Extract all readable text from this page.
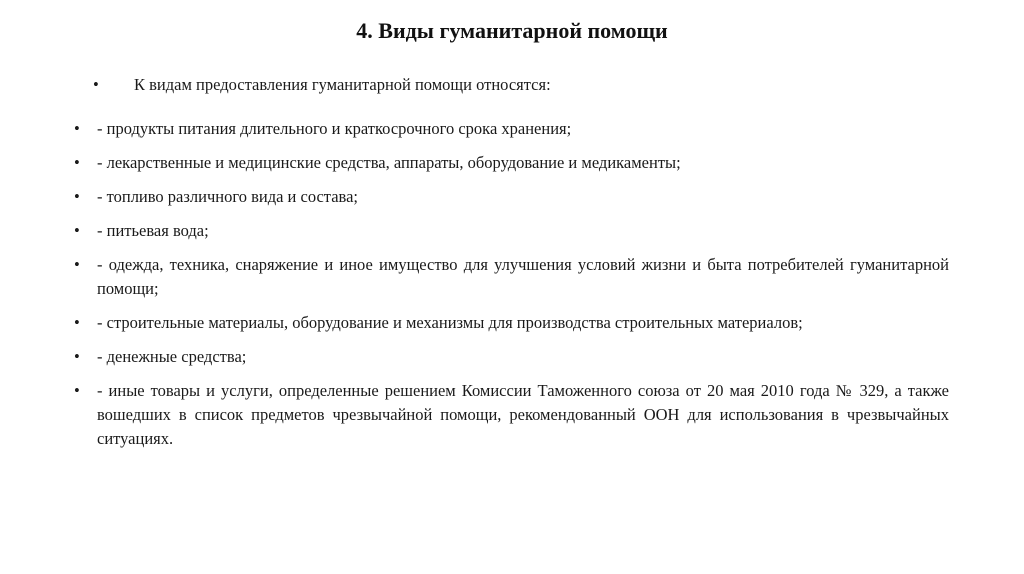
4. Виды гуманитарной помощи
• К видам предоставления гуманитарной помощи относятся:
• - продукты питания длительного и краткосрочного срока хранения;
• - лекарственные и медицинские средства, аппараты, оборудование и медикаменты;
• - топливо различного вида и состава;
• - питьевая вода;
• - одежда, техника, снаряжение и иное имущество для улучшения условий жизни и быта потребителей гуманитарной помощи;
• - строительные материалы, оборудование и механизмы для производства строительных материалов;
• - денежные средства;
• - иные товары и услуги, определенные решением Комиссии Таможенного союза от 20 мая 2010 года № 329, а также вошедших в список предметов чрезвычайной помощи, рекомендованный ООН для использования в чрезвычайных ситуациях.
